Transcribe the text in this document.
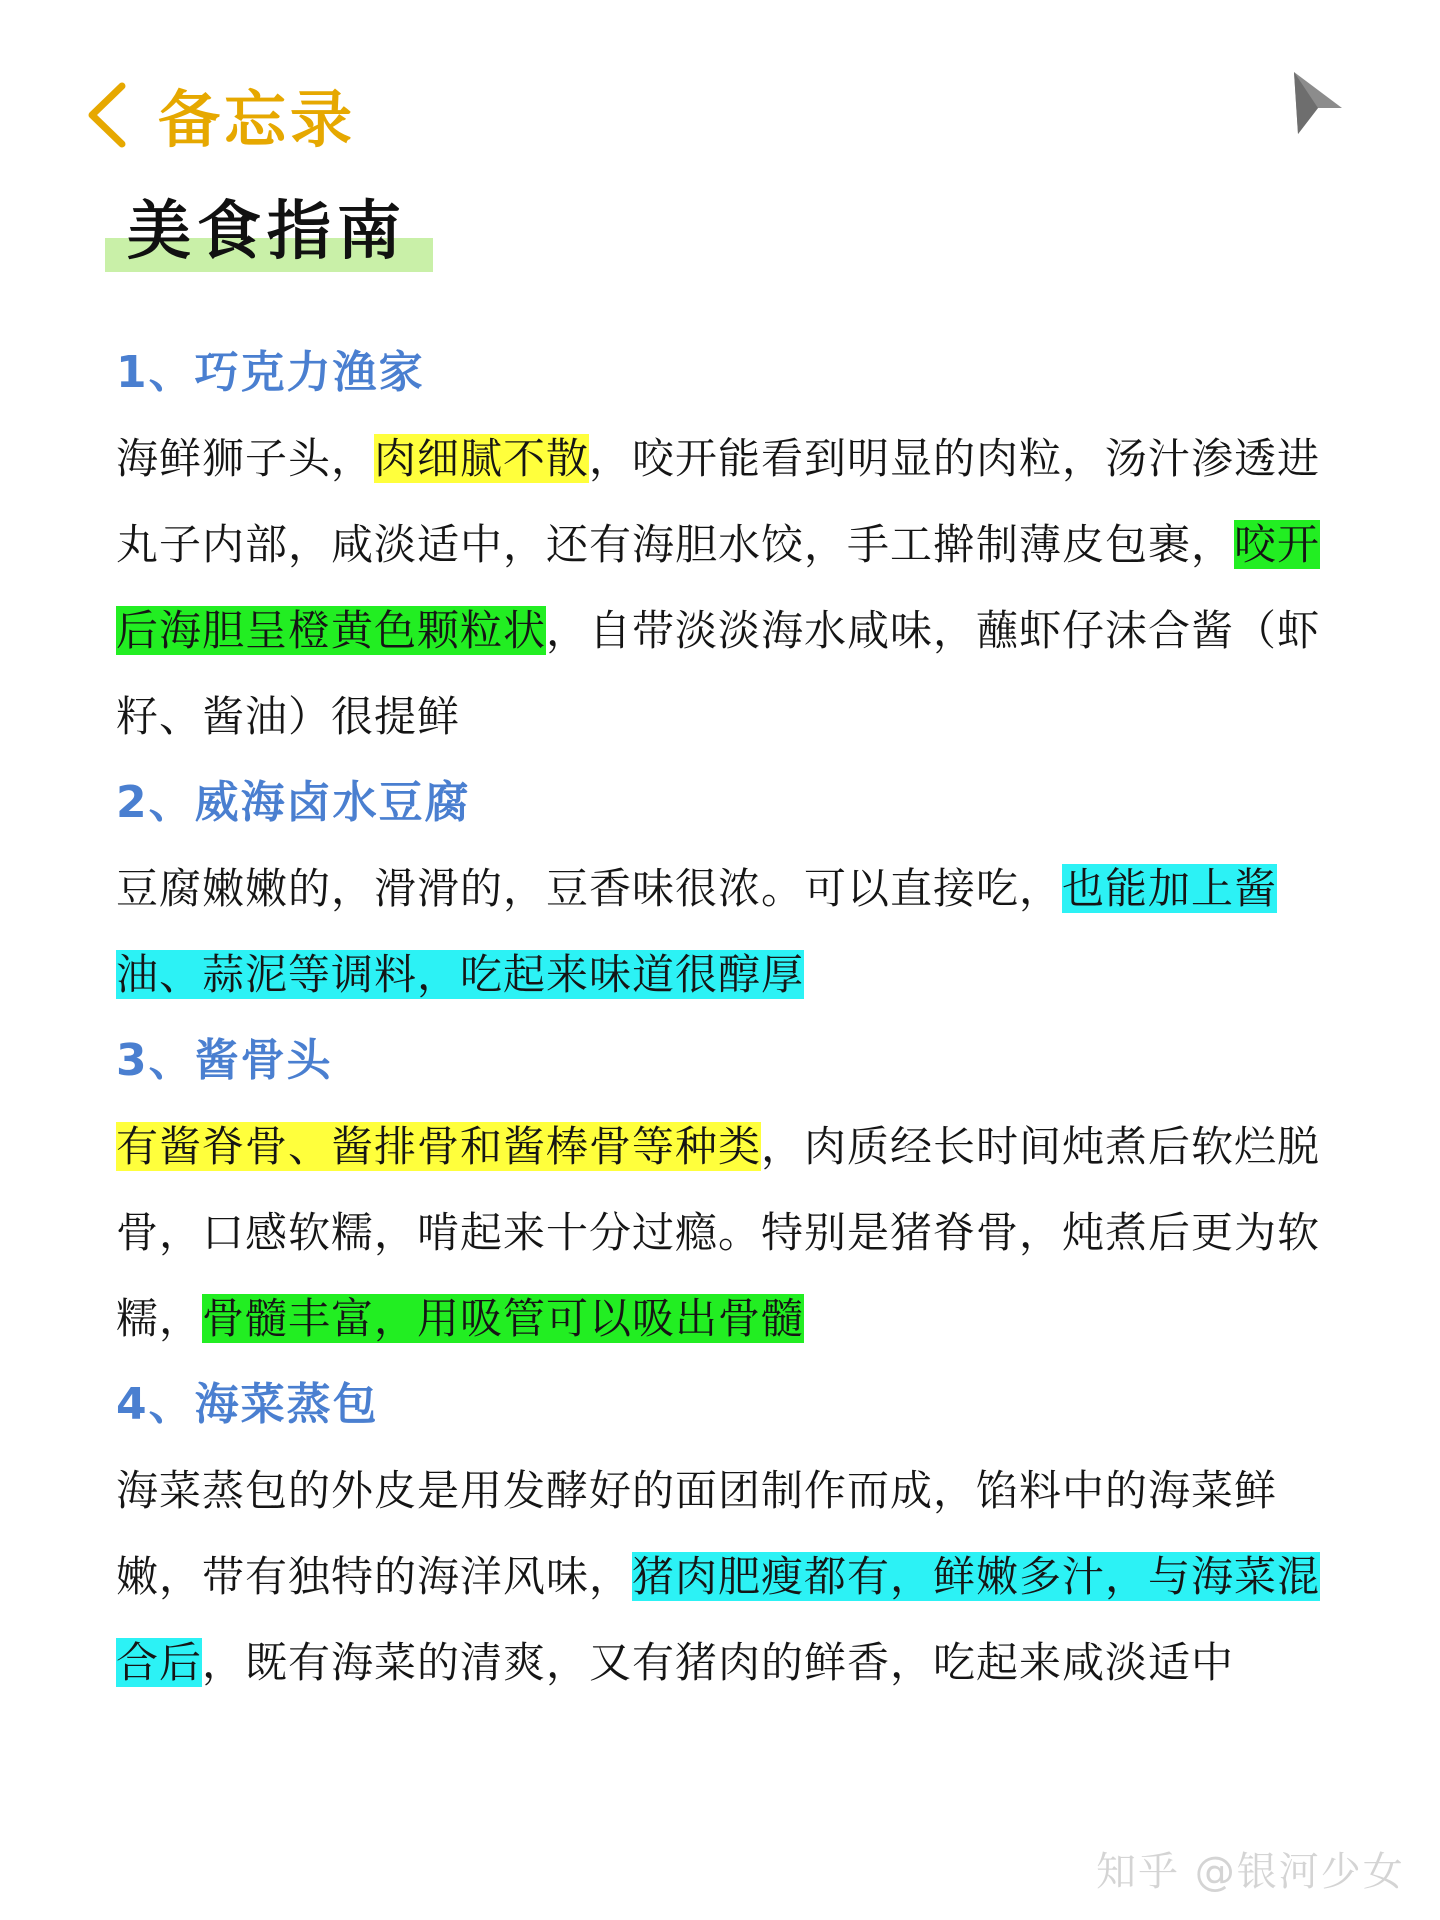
备忘录
美食指南
1、巧克力渔家

海鲜狮子头，肉细腻不散，咬开能看到明显的肉粒，汤汁渗透进丸子内部，咸淡适中，还有海胆水饺，手工擀制薄皮包裹，咬开后海胆呈橙黄色颗粒状，自带淡淡海水咸味，蘸虾仔沫合酱（虾籽、酱油）很提鲜

2、威海卤水豆腐

豆腐嫩嫩的，滑滑的，豆香味很浓。可以直接吃，也能加上酱油、蒜泥等调料，吃起来味道很醇厚

3、酱骨头

有酱脊骨、酱排骨和酱棒骨等种类，肉质经长时间炖煮后软烂脱骨，口感软糯，啃起来十分过瘾。特别是猪脊骨，炖煮后更为软糯，骨髓丰富，用吸管可以吸出骨髓

4、海菜蒸包

海菜蒸包的外皮是用发酵好的面团制作而成，馅料中的海菜鲜嫩，带有独特的海洋风味，猪肉肥瘦都有，鲜嫩多汁，与海菜混合后，既有海菜的清爽，又有猪肉的鲜香，吃起来咸淡适中

知乎 @银河少女
